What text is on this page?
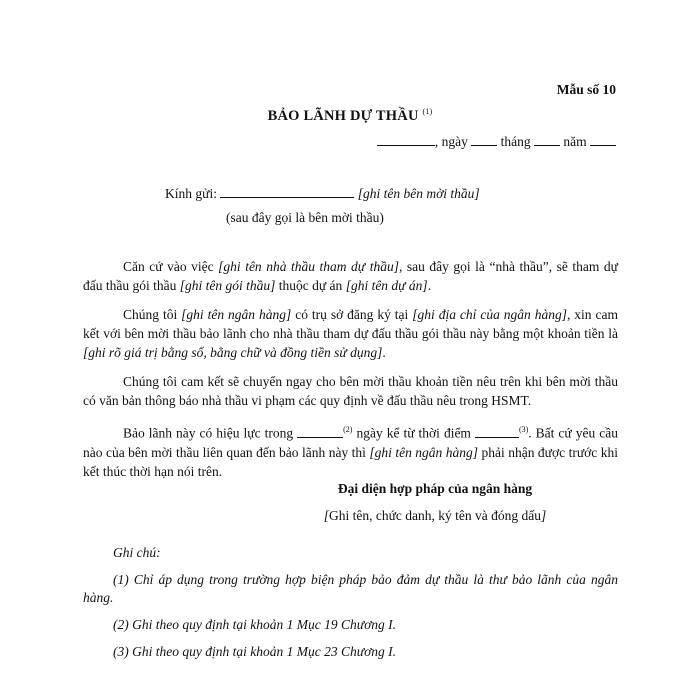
Mẫu số 10
BẢO LÃNH DỰ THẦU $^{(1)}$
, ngày tháng năm
Kính gửi:	[ghi tên bên mời thầu]
(sau đây gọi là bên mời thầu)

Căn cứ vào việc [ghi tên nhà thầu tham dự thầu], sau đây gọi là “nhà thầu”, sẽ tham dự đấu thầu gói thầu [ghi tên gói thầu] thuộc dự án [ghi tên dự án].

Chúng tôi [ghi tên ngân hàng] có trụ sở đăng ký tại [ghi địa chỉ của ngân hàng], xin cam kết với bên mời thầu bảo lãnh cho nhà thầu tham dự đấu thầu gói thầu này bằng một khoản tiền là [ghi rõ giá trị bằng số, bằng chữ và đồng tiền sử dụng].

Chúng tôi cam kết sẽ chuyển ngay cho bên mời thầu khoản tiền nêu trên khi bên mời thầu có văn bản thông báo nhà thầu vi phạm các quy định về đấu thầu nêu trong HSMT.

Bảo lãnh này có hiệu lực trong	$^{(2)}$ ngày kể từ thời điểm	$^{(3)}$. Bất cứ yêu cầu nào của bên mời thầu liên quan đến bảo lãnh này thì [ghi tên ngân hàng] phải nhận được trước khi kết thúc thời hạn nói trên.

Đại diện hợp pháp của ngân hàng
[Ghi tên, chức danh, ký tên và đóng dấu]
Ghi chú:

(1) Chỉ áp dụng trong trường hợp biện pháp bảo đảm dự thầu là thư bảo lãnh của ngân hàng.

(2) Ghi theo quy định tại khoản 1 Mục 19 Chương I.

(3) Ghi theo quy định tại khoản 1 Mục 23 Chương I.
